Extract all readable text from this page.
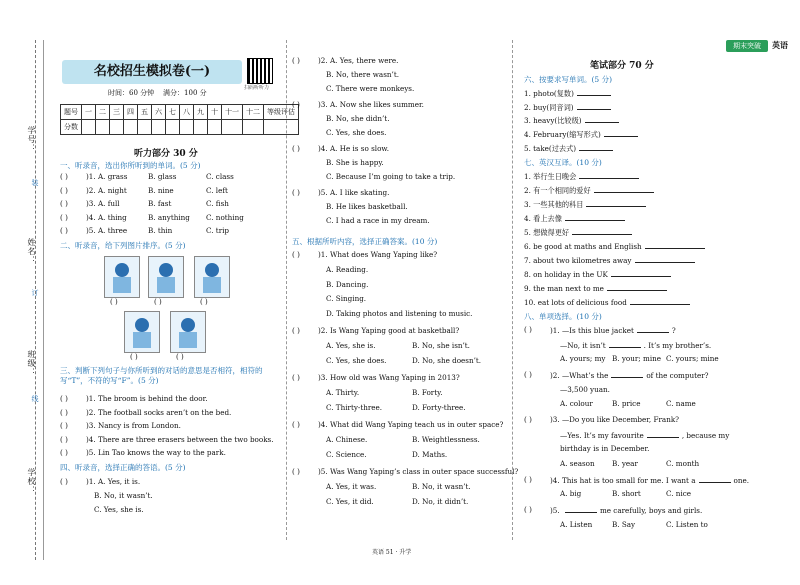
学号：
姓名：
班级：
学校：
装
订
线
名校招生模拟卷(一)
扫码听听力
时间：60 分钟 满分：100 分
期末突破	英语
题号	一	二	三	四	五	六	七	八	九	十	十一	十二	等级评估
分数													
听力部分 30 分
一、听录音，选出你所听到的单词。(5 分)
( )	)1. A. grass	B. glass	C. class
( )	)2. A. night	B. nine	C. left
( )	)3. A. full	B. fast	C. fish
( )	)4. A. thing	B. anything C. nothing
( )	)5. A. three	B. thin	C. trip
二、听录音，给下列图片排序。(5 分)
( )	( )	( )
( )	( )
三、判断下列句子与你所听到的对话的意思是否相符，相符的写“T”，不符的写“F”。(5 分)
( )	)1. The broom is behind the door.
( )	)2. The football socks aren’t on the bed.
( )	)3. Nancy is from London.
( )	)4. There are three erasers between the two books.
( )	)5. Lin Tao knows the way to the park.
四、听录音，选择正确的答语。(5 分)
( )	)1. A. Yes, it is.
B. No, it wasn’t.
C. Yes, she is.
( )	)2. A. Yes, there were.
B. No, there wasn’t.
C. There were monkeys.
( )	)3. A. Now she likes summer.
B. No, she didn’t.
C. Yes, she does.
( )	)4. A. He is so slow.
B. She is happy.
C. Because I’m going to take a trip.
( )	)5. A. I like skating.
B. He likes basketball.
C. I had a race in my dream.
五、根据所听内容，选择正确答案。(10 分)
( )	)1. What does Wang Yaping like?
A. Reading.
B. Dancing.
C. Singing.
D. Taking photos and listening to music.
( )	)2. Is Wang Yaping good at basketball?
A. Yes, she is.	B. No, she isn’t.
C. Yes, she does.	D. No, she doesn’t.
( )	)3. How old was Wang Yaping in 2013?
A. Thirty.	B. Forty.
C. Thirty-three.	D. Forty-three.
( )	)4. What did Wang Yaping teach us in outer space?
A. Chinese.	B. Weightlessness.
C. Science.	D. Maths.
( )	)5. Was Wang Yaping’s class in outer space successful?
A. Yes, it was.	B. No, it wasn’t.
C. Yes, it did.	D. No, it didn’t.
笔试部分 70 分
六、按要求写单词。(5 分)
1. photo(复数)
2. buy(同音词)
3. heavy(比较级)
4. February(缩写形式)
5. take(过去式)
七、英汉互译。(10 分)
1. 举行生日晚会
2. 有一个相同的爱好
3. 一些其他的科目
4. 看上去像
5. 想做得更好
6. be good at maths and English
7. about two kilometres away
8. on holiday in the UK
9. the man next to me
10. eat lots of delicious food
八、单项选择。(10 分)
( )	)1. —Is this blue jacket	?
—No, it isn’t	. It’s my brother’s.
A. yours; my B. your; mine C. yours; mine
( )	)2. —What’s the	of the computer?
—3,500 yuan.
A. colour	B. price	C. name
( )	)3. —Do you like December, Frank?
—Yes. It’s my favourite	, because my
birthday is in December.
A. season B. year	C. month
( )	)4. This hat is too small for me. I want a	one.
A. big	B. short	C. nice
( )	)5.	me carefully, boys and girls.
A. Listen	B. Say	C. Listen to
英语 51 · 升学
